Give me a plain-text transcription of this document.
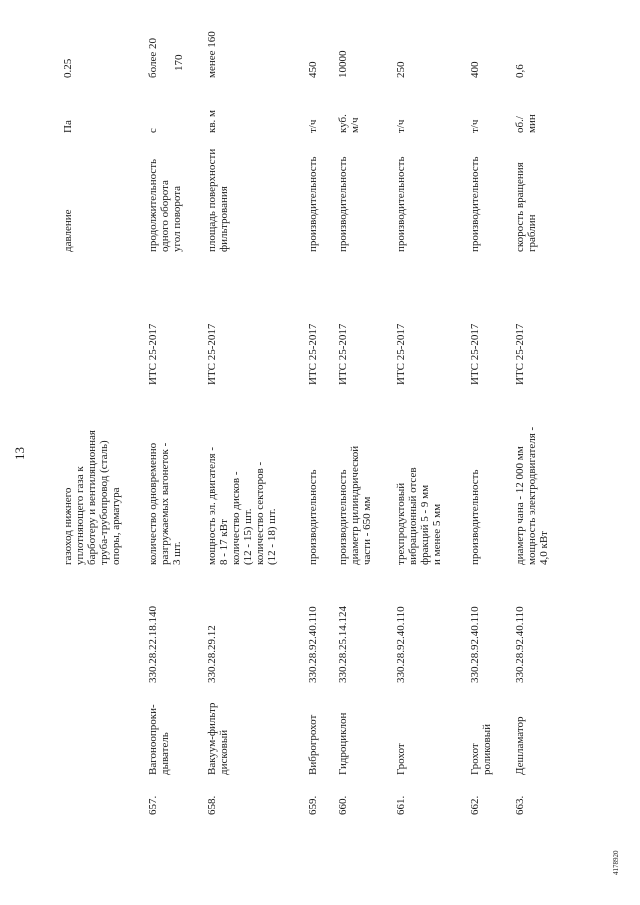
13
газоход нижнего уплотняющего газа к барботеру и вентиляционная труба-трубопровод (сталь) опоры, арматура
давление
Па
0.25
657.
Вагоноопроки- дыватель
330.28.22.18.140
количество одновременно разгружаемых вагонеток - 3 шт.
ИТС 25-2017
продолжительность одного оборота угол поворота
с
более 20 170
658.
Вакуум-фильтр дисковый
330.28.29.12
мощность эл. двигателя - 8 - 17 кВт количество дисков - (12 - 15) шт. количество секторов - (12 - 18) шт.
ИТС 25-2017
площадь поверхности фильтрования
кв. м
менее 160
659.
Виброгрохот
330.28.92.40.110
производительность
ИТС 25-2017
производительность
т/ч
450
660.
Гидроциклон
330.28.25.14.124
производительность диаметр цилиндрической части - 650 мм
ИТС 25-2017
производительность
куб. м/ч
10000
661.
Грохот
330.28.92.40.110
трехпродуктовый вибрационный отсев фракций 5 - 9 мм и менее 5 мм
ИТС 25-2017
производительность
т/ч
250
662.
Грохот роликовый
330.28.92.40.110
производительность
ИТС 25-2017
производительность
т/ч
400
663.
Дешламатор
330.28.92.40.110
диаметр чана - 12 000 мм мощность электродвигателя - 4,0 кВт
ИТС 25-2017
скорость вращения граблин
об./ мин
0,6
4178920
